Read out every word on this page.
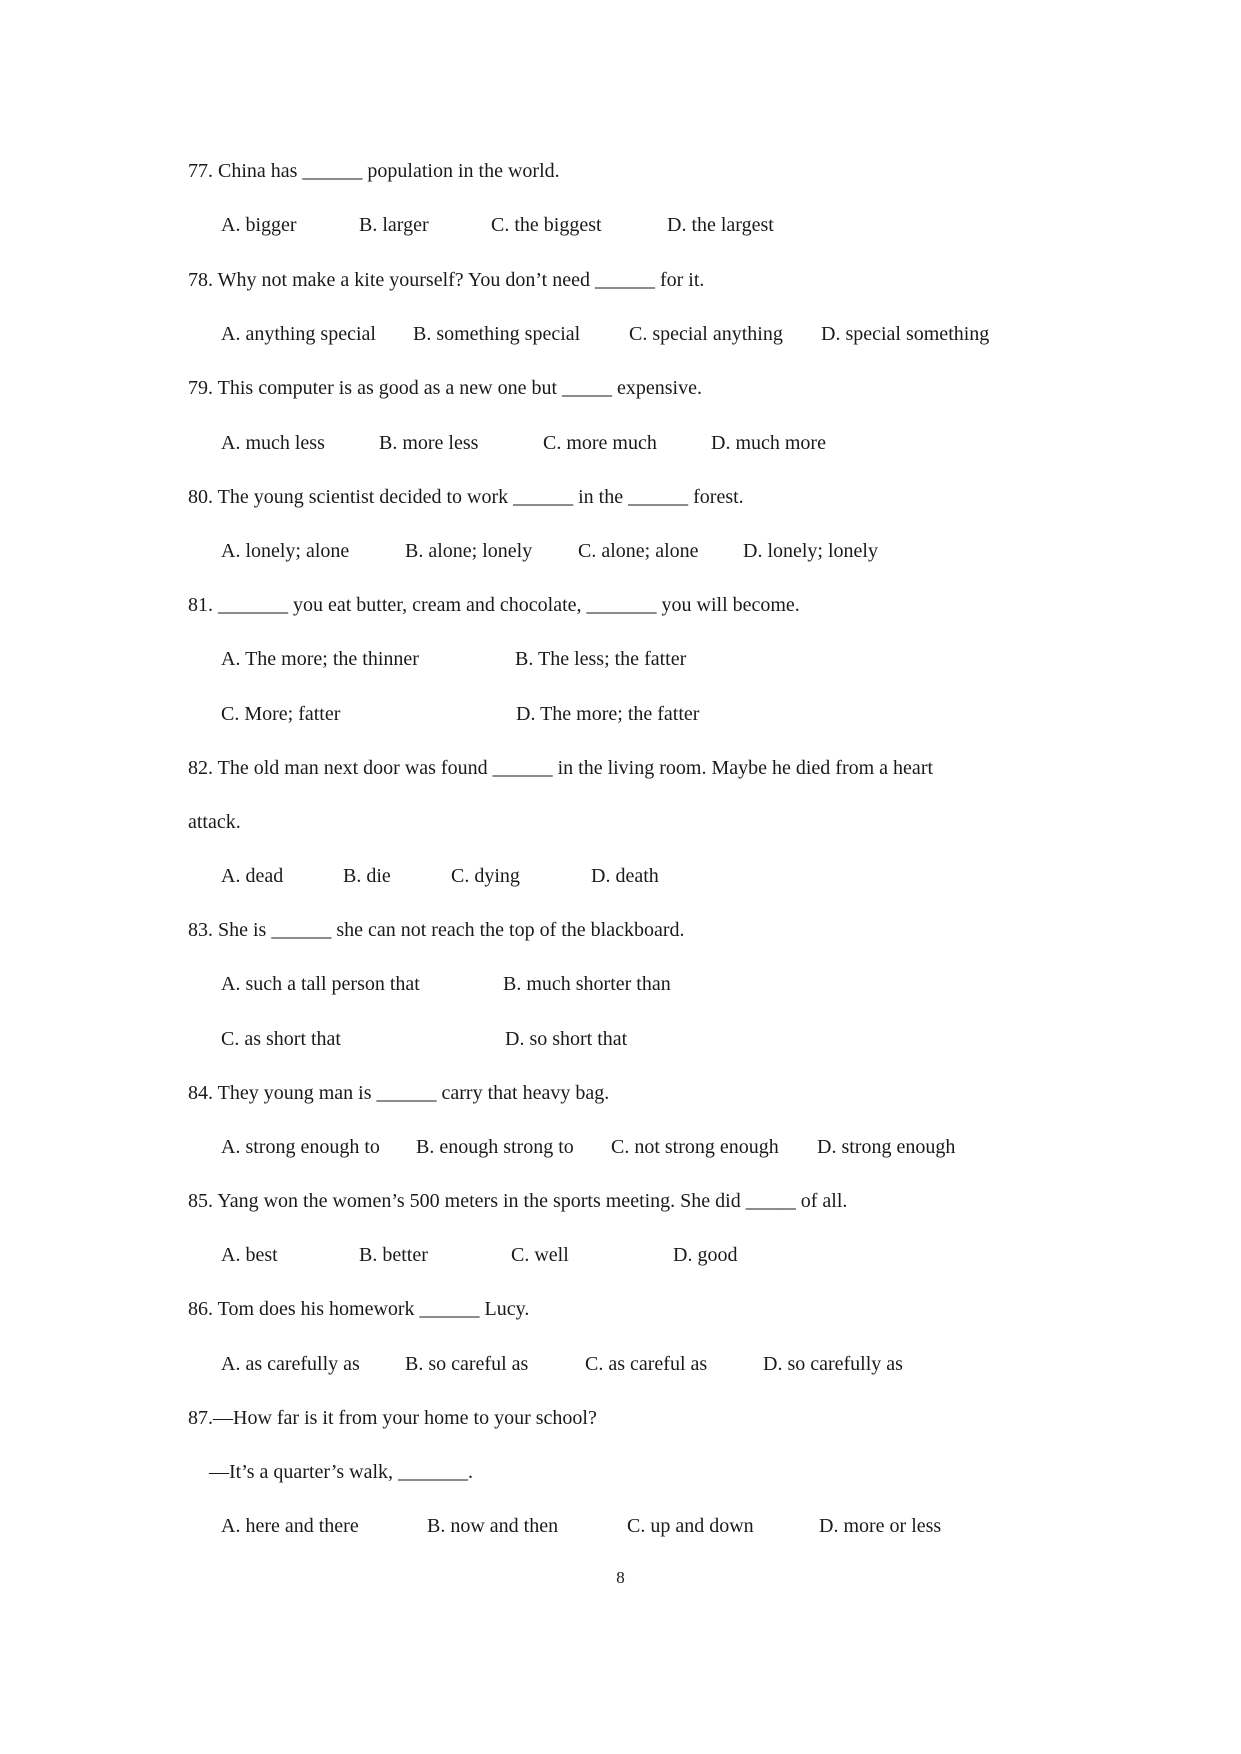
77. China has ______ population in the world.
A. bigger	B. larger	C. the biggest	D. the largest
78. Why not make a kite yourself? You don’t need ______ for it.
A. anything special B. something special C. special anything D. special something
79. This computer is as good as a new one but _____ expensive.
A. much less	B. more less	C. more much	D. much more
80. The young scientist decided to work ______ in the ______ forest.
A. lonely; alone	B. alone; lonely C. alone; alone D. lonely; lonely
81. _______ you eat butter, cream and chocolate, _______ you will become.
A. The more; the thinner	B. The less; the fatter
C. More; fatter	D. The more; the fatter
82. The old man next door was found ______ in the living room. Maybe he died from a heart
attack.
A. dead	B. die	C. dying	D. death
83. She is ______ she can not reach the top of the blackboard.
A. such a tall person that	B. much shorter than
C. as short that	D. so short that
84. They young man is ______ carry that heavy bag.
A. strong enough to B. enough strong to C. not strong enough D. strong enough
85. Yang won the women’s 500 meters in the sports meeting. She did _____ of all.
A. best	B. better	C. well	D. good
86. Tom does his homework ______ Lucy.
A. as carefully as B. so careful as	C. as careful as	D. so carefully as
87.—How far is it from your home to your school?
—It’s a quarter’s walk, _______.
A. here and there	B. now and then	C. up and down	D. more or less
8
